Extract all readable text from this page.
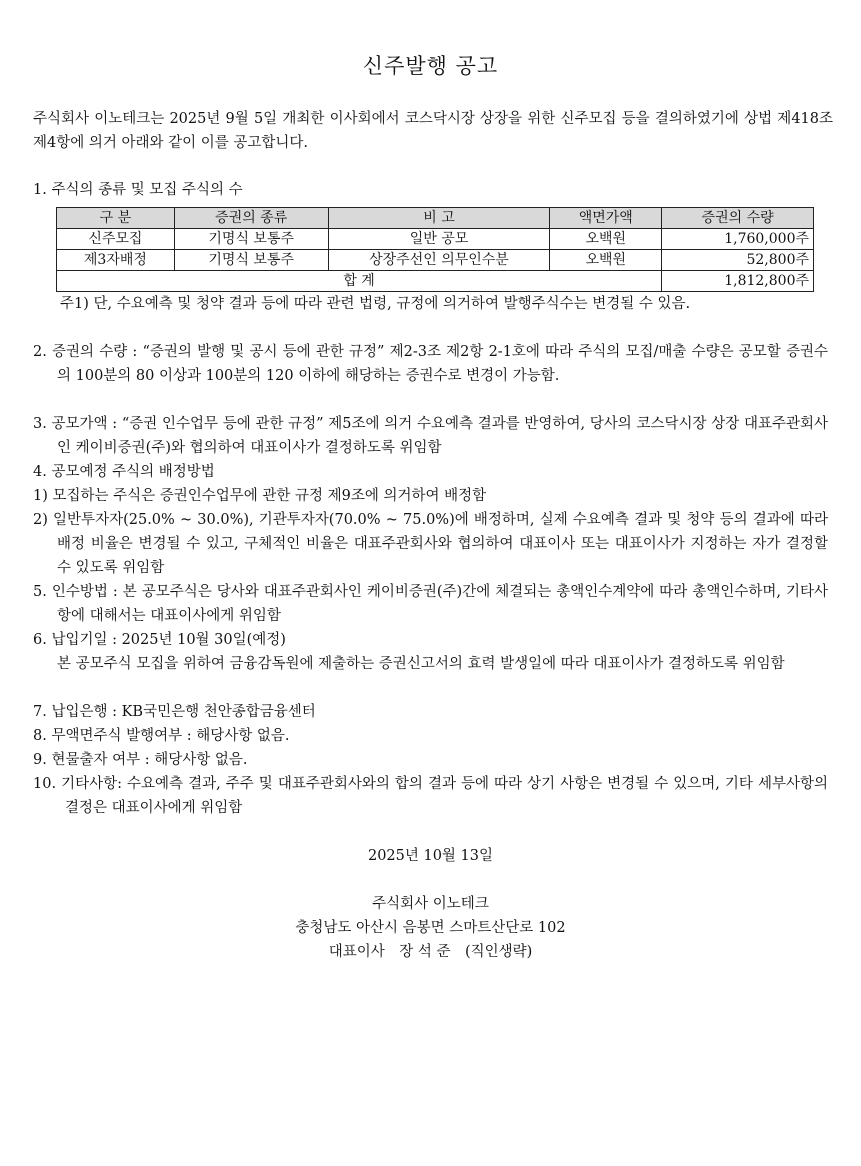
신주발행 공고
주식회사 이노테크는 2025년 9월 5일 개최한 이사회에서 코스닥시장 상장을 위한 신주모집 등을 결의하였기에 상법 제418조 제4항에 의거 아래와 같이 이를 공고합니다.
1. 주식의 종류 및 모집 주식의 수
구 분	증권의 종류	비 고	액면가액	증권의 수량
신주모집	기명식 보통주	일반 공모	오백원	1,760,000주
제3자배정	기명식 보통주	상장주선인 의무인수분	오백원	52,800주
합 계				1,812,800주
주1) 단, 수요예측 및 청약 결과 등에 따라 관련 법령, 규정에 의거하여 발행주식수는 변경될 수 있음.
2. 증권의 수량 : “증권의 발행 및 공시 등에 관한 규정” 제2-3조 제2항 2-1호에 따라 주식의 모집/매출 수량은 공모할 증권수의 100분의 80 이상과 100분의 120 이하에 해당하는 증권수로 변경이 가능함.
3. 공모가액 : “증권 인수업무 등에 관한 규정” 제5조에 의거 수요예측 결과를 반영하여, 당사의 코스닥시장 상장 대표주관회사인 케이비증권(주)와 협의하여 대표이사가 결정하도록 위임함
4. 공모예정 주식의 배정방법
1) 모집하는 주식은 증권인수업무에 관한 규정 제9조에 의거하여 배정함
2) 일반투자자(25.0% ~ 30.0%), 기관투자자(70.0% ~ 75.0%)에 배정하며, 실제 수요예측 결과 및 청약 등의 결과에 따라 배정 비율은 변경될 수 있고, 구체적인 비율은 대표주관회사와 협의하여 대표이사 또는 대표이사가 지정하는 자가 결정할 수 있도록 위임함
5. 인수방법 : 본 공모주식은 당사와 대표주관회사인 케이비증권(주)간에 체결되는 총액인수계약에 따라 총액인수하며, 기타사항에 대해서는 대표이사에게 위임함
6. 납입기일 : 2025년 10월 30일(예정)
본 공모주식 모집을 위하여 금융감독원에 제출하는 증권신고서의 효력 발생일에 따라 대표이사가 결정하도록 위임함
7. 납입은행 : KB국민은행 천안종합금융센터
8. 무액면주식 발행여부 : 해당사항 없음.
9. 현물출자 여부 : 해당사항 없음.
10. 기타사항: 수요예측 결과, 주주 및 대표주관회사와의 합의 결과 등에 따라 상기 사항은 변경될 수 있으며, 기타 세부사항의 결정은 대표이사에게 위임함
2025년 10월 13일
주식회사 이노테크
충청남도 아산시 음봉면 스마트산단로 102
대표이사　장 석 준　(직인생략)
